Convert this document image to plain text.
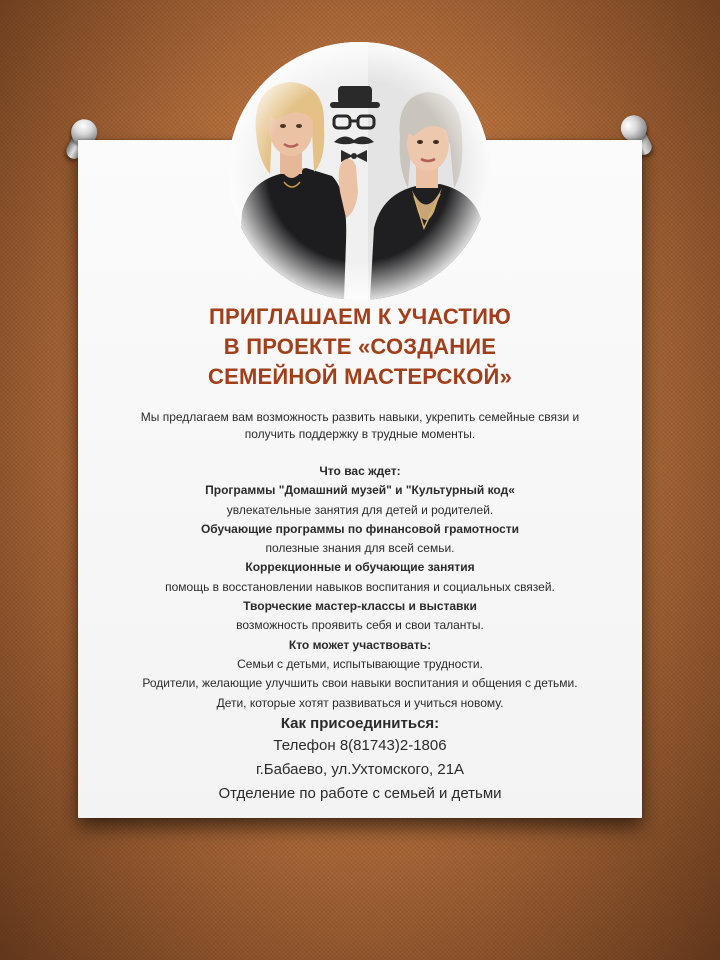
ПРИГЛАШАЕМ К УЧАСТИЮ
В ПРОЕКТЕ «СОЗДАНИЕ
СЕМЕЙНОЙ МАСТЕРСКОЙ»
Мы предлагаем вам возможность развить навыки, укрепить семейные связи и
получить поддержку в трудные моменты.
Что вас ждет:
Программы "Домашний музей" и "Культурный код«
увлекательные занятия для детей и родителей.
Обучающие программы по финансовой грамотности
полезные знания для всей семьи.
Коррекционные и обучающие занятия
помощь в восстановлении навыков воспитания и социальных связей.
Творческие мастер-классы и выставки
возможность проявить себя и свои таланты.
Кто может участвовать:
Семьи с детьми, испытывающие трудности.
Родители, желающие улучшить свои навыки воспитания и общения с детьми.
Дети, которые хотят развиваться и учиться новому.
Как присоединиться:
Телефон 8(81743)2-1806
г.Бабаево, ул.Ухтомского, 21А
Отделение по работе с семьей и детьми
